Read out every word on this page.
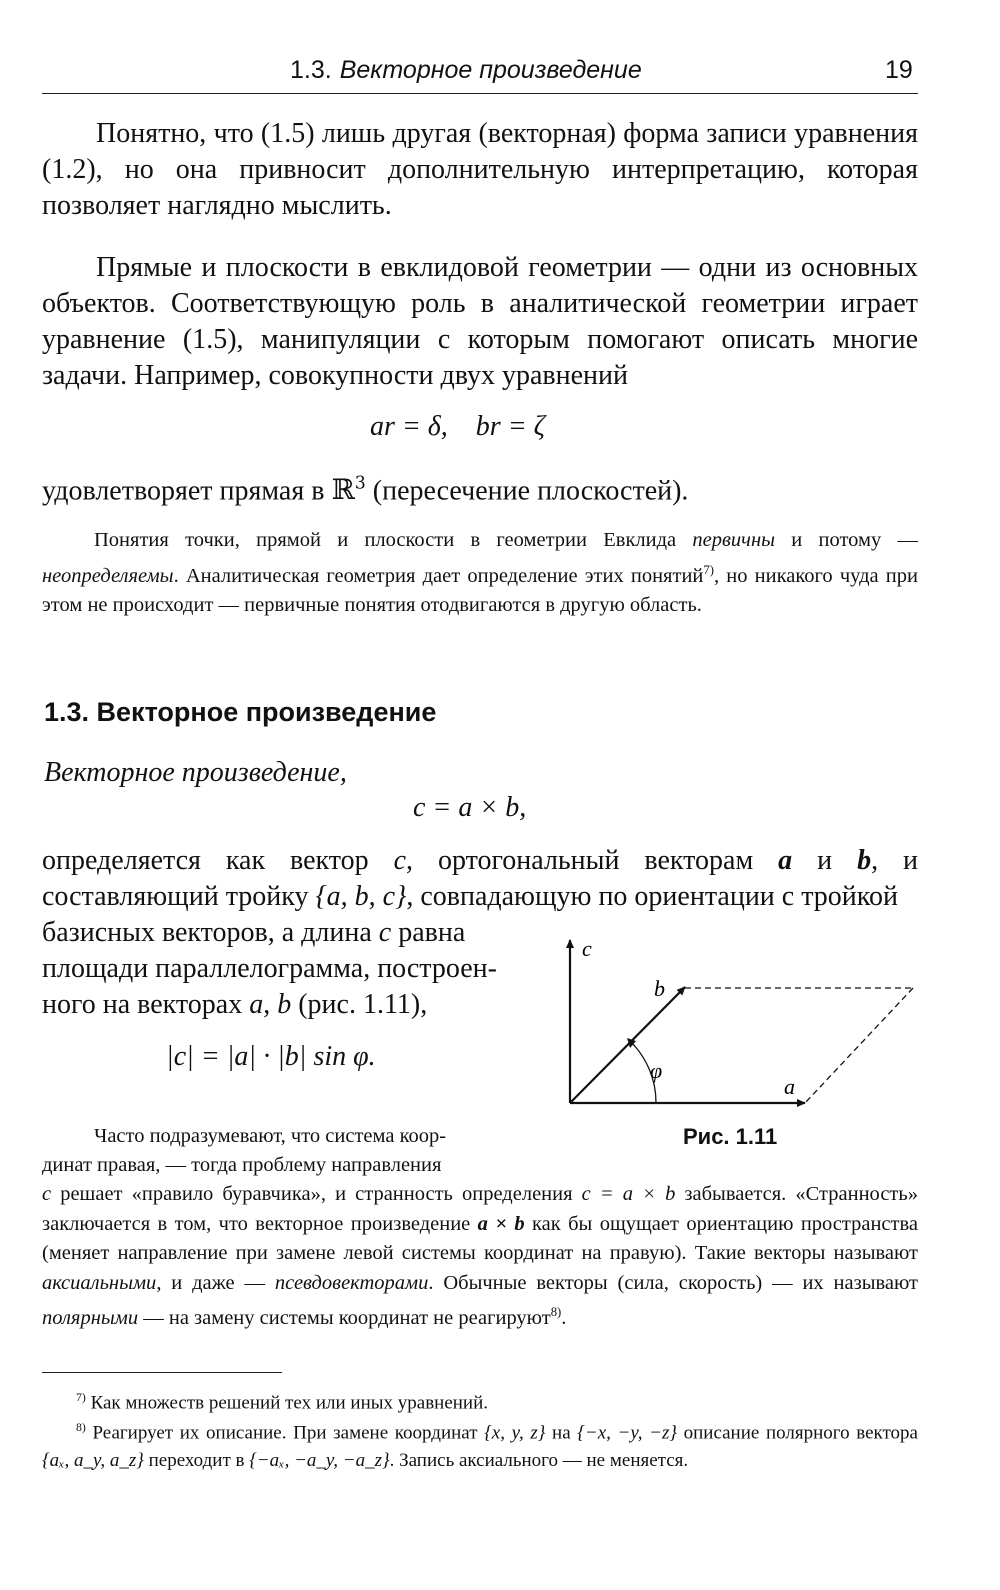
1.3. Векторное произведение	19
Понятно, что (1.5) лишь другая (векторная) форма записи уравнения (1.2), но она привносит дополнительную интерпретацию, которая позволяет наглядно мыслить.
Прямые и плоскости в евклидовой геометрии — одни из основных объектов. Соответствующую роль в аналитической геометрии играет уравнение (1.5), манипуляции с которым помогают описать многие задачи. Например, совокупности двух уравнений
ar = δ,    br = ζ
удовлетворяет прямая в ℝ$^3$ (пересечение плоскостей).
Понятия точки, прямой и плоскости в геометрии Евклида первичны и потому — неопределяемы. Аналитическая геометрия дает определение этих понятий$^{7)}$, но никакого чуда при этом не происходит — первичные понятия отодвигаются в другую область.
1.3. Векторное произведение
Векторное произведение,
c = a × b,
определяется как вектор c, ортогональный векторам a и b, и составляющий тройку {a, b, c}, совпадающую по ориентации с тройкой
базисных векторов, а длина c равна
площади параллелограмма, построен-
ного на векторах a, b (рис. 1.11),
|c| = |a| · |b| sin φ.
c
b
φ
a
Рис. 1.11
Часто подразумевают, что система коор-
динат правая, — тогда проблему направления
c решает «правило буравчика», и странность определения c = a × b забывается. «Странность» заключается в том, что векторное произведение a × b как бы ощущает ориентацию пространства (меняет направление при замене левой системы координат на правую). Такие векторы называют аксиальными, и даже — псевдовекторами. Обычные векторы (сила, скорость) — их называют полярными — на замену системы координат не реагируют$^{8)}$.
$^{7)}$ Как множеств решений тех или иных уравнений.
$^{8)}$ Реагирует их описание. При замене координат {x, y, z} на {−x, −y, −z} описание полярного вектора {aₓ, a_y, a_z} переходит в {−aₓ, −a_y, −a_z}. Запись аксиального — не меняется.
